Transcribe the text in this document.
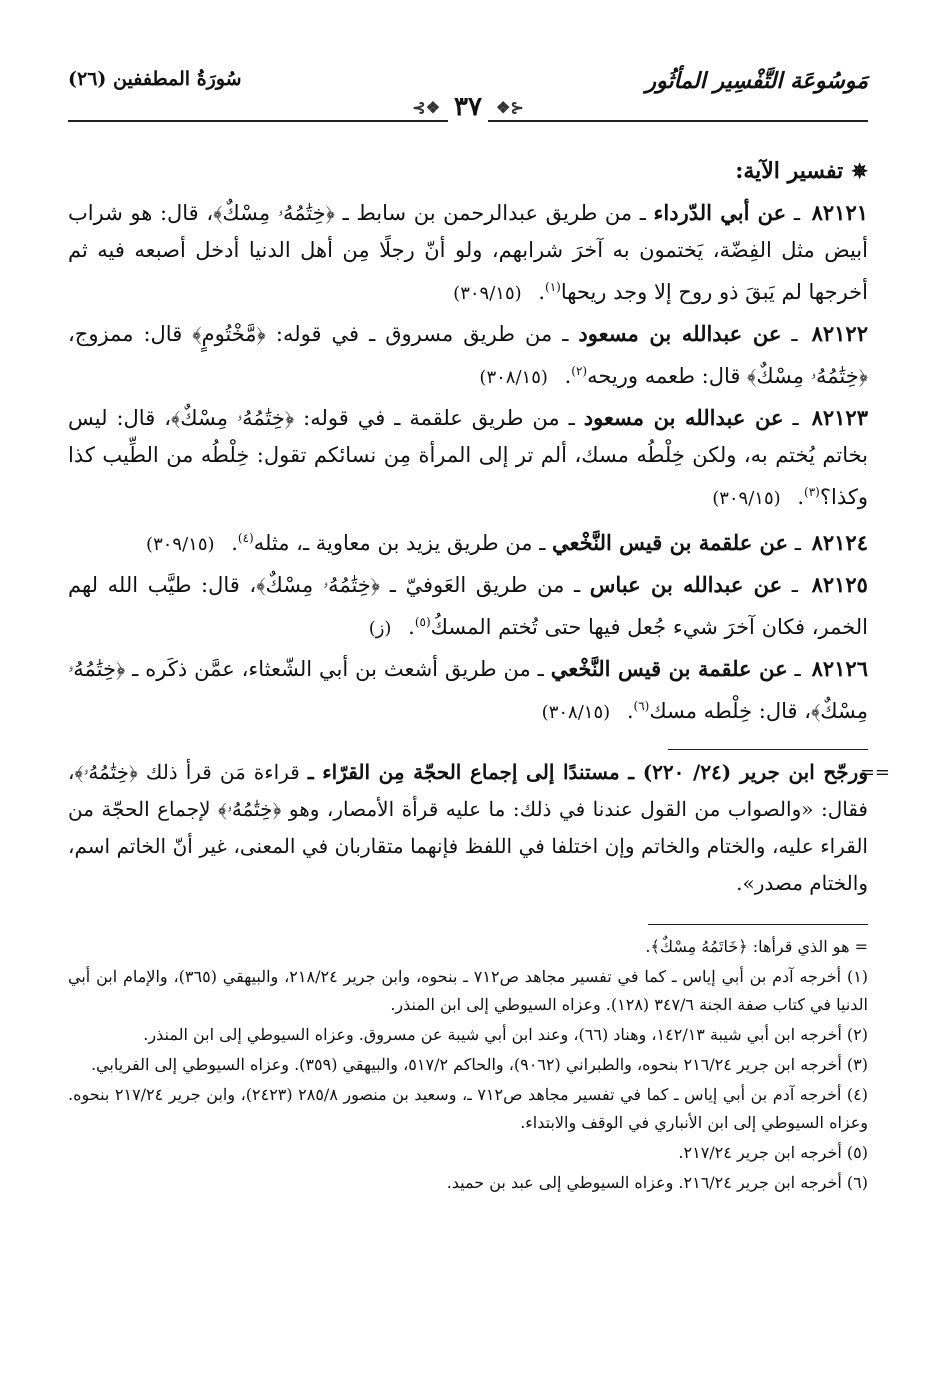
مَوسُوعَة التَّفْسِير المأثُور
سُورَةُ المطففين (٢٦)
⊰❖٣٧❖⊱
✵تفسير الآية:

٨٢١٢١ ـ عن أبي الدّرداء ـ من طريق عبدالرحمن بن سابط ـ ﴿خِتَٰمُهُۥ مِسْكٌ﴾، قال: هو شراب أبيض مثل الفِضّة، يَختمون به آخرَ شرابهم، ولو أنّ رجلًا مِن أهل الدنيا أدخل أصبعه فيه ثم أخرجها لم يَبقَ ذو روح إلا وجد ريحها$^{(١)}$. (٣٠٩/١٥)

٨٢١٢٢ ـ عن عبدالله بن مسعود ـ من طريق مسروق ـ في قوله: ﴿مَّخْتُومٍ﴾ قال: ممزوج، ﴿خِتَٰمُهُۥ مِسْكٌ﴾ قال: طعمه وريحه$^{(٢)}$. (٣٠٨/١٥)

٨٢١٢٣ ـ عن عبدالله بن مسعود ـ من طريق علقمة ـ في قوله: ﴿خِتَٰمُهُۥ مِسْكٌ﴾، قال: ليس بخاتم يُختم به، ولكن خِلْطُه مسك، ألم تر إلى المرأة مِن نسائكم تقول: خِلْطُه من الطِّيب كذا وكذا؟$^{(٣)}$. (٣٠٩/١٥)

٨٢١٢٤ ـ عن علقمة بن قيس النَّخْعي ـ من طريق يزيد بن معاوية ـ، مثله$^{(٤)}$. (٣٠٩/١٥)

٨٢١٢٥ ـ عن عبدالله بن عباس ـ من طريق العَوفيّ ـ ﴿خِتَٰمُهُۥ مِسْكٌ﴾، قال: طيَّب الله لهم الخمر، فكان آخرَ شيء جُعل فيها حتى تُختم المسكُ$^{(٥)}$. (ز)

٨٢١٢٦ ـ عن علقمة بن قيس النَّخْعي ـ من طريق أشعث بن أبي الشّعثاء، عمَّن ذكَره ـ ﴿خِتَٰمُهُۥ مِسْكٌ﴾، قال: خِلْطه مسك$^{(٦)}$. (٣٠٨/١٥)

==
ورجّح ابن جرير (٢٤/ ٢٢٠) ـ مستندًا إلى إجماع الحجّة مِن القرّاء ـ قراءة مَن قرأ ذلك ﴿خِتَٰمُهُۥ﴾، فقال: «والصواب من القول عندنا في ذلك: ما عليه قرأة الأمصار، وهو ﴿خِتَٰمُهُۥ﴾ لإجماع الحجّة من القراء عليه، والختام والخاتم وإن اختلفا في اللفظ فإنهما متقاربان في المعنى، غير أنّ الخاتم اسم، والختام مصدر».

= هو الذي قرأها: ﴿خَاتَمُهُ مِسْكٌ﴾.

(١) أخرجه آدم بن أبي إياس ـ كما في تفسير مجاهد ص٧١٢ ـ بنحوه، وابن جرير ٢١٨/٢٤، والبيهقي (٣٦٥)، والإمام ابن أبي الدنيا في كتاب صفة الجنة ٣٤٧/٦ (١٢٨). وعزاه السيوطي إلى ابن المنذر.

(٢) أخرجه ابن أبي شيبة ١٤٢/١٣، وهناد (٦٦)، وعند ابن أبي شيبة عن مسروق. وعزاه السيوطي إلى ابن المنذر.

(٣) أخرجه ابن جرير ٢١٦/٢٤ بنحوه، والطبراني (٩٠٦٢)، والحاكم ٥١٧/٢، والبيهقي (٣٥٩). وعزاه السيوطي إلى الفريابي.

(٤) أخرجه آدم بن أبي إياس ـ كما في تفسير مجاهد ص٧١٢ ـ، وسعيد بن منصور ٢٨٥/٨ (٢٤٢٣)، وابن جرير ٢١٧/٢٤ بنحوه. وعزاه السيوطي إلى ابن الأنباري في الوقف والابتداء.

(٥) أخرجه ابن جرير ٢١٧/٢٤.

(٦) أخرجه ابن جرير ٢١٦/٢٤. وعزاه السيوطي إلى عبد بن حميد.
